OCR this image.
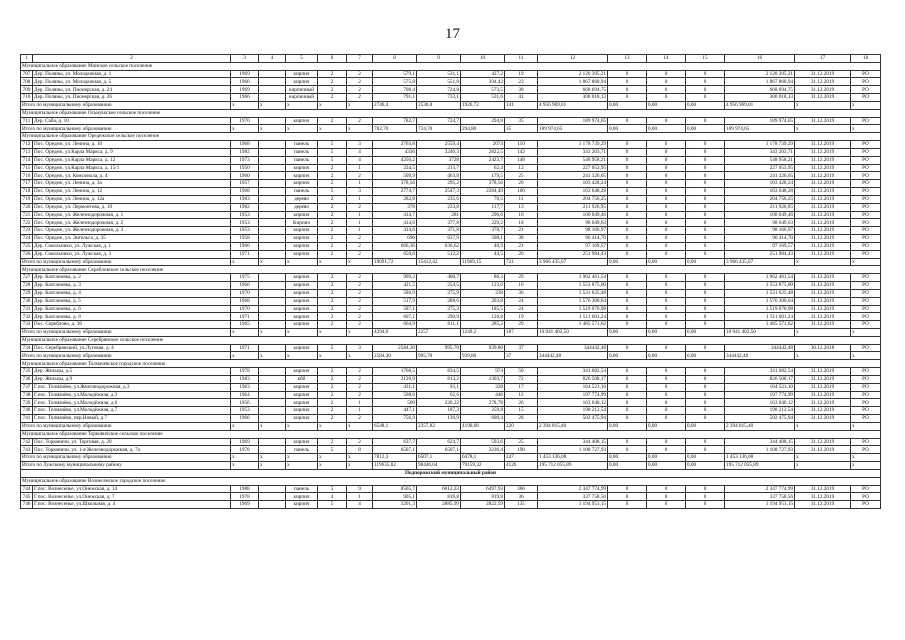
17
1	2	3	4	5	6	7	8	9	10	11	12	13	14	15	16	17	18
Муниципальное образование Минское сельское поселение																	
707	Дер. Поляны, ул. Молодежная, д. 1	1969		кирпич	2	2	579,1	531,1	427,2	19	2 120 395,21	0	0	0	2 120 395,21	31.12.2019	РО
708	Дер. Поляны, ул. Молодежная, д. 5	1966		кирпич	2	2	575,8	551,8	394,42	23	1 867 860,94	0	0	0	1 867 860,94	31.12.2019	РО
709	Дер. Поляны, ул. Пионерская, д. 24	1969		кирпичный	2	2	708,4	724,8	573,5	38	668 694,75	0	0	0	668 694,75	31.12.2019	РО
710	Дер. Поляны, ул. Пионерская, д. 26	1966		кирпичный	2	2	791,1	733,1	531,6	41	300 018,13	0	0	0	300 018,13	31.12.2019	РО
Итого по муниципальному образованию		x	x	x	x	x	2746,4	2530,8	1926,72	141	4 956 969,01	0,00	0,00	0,00	4 956 969,01	x	x
Муниципальное образование Осьмушское сельское поселение																	
711	Дер. Саба, д. 10	1970		кирпич	2	2	782,7	724,7	294,8	35	189 974,65	0	0	0	189 974,65	31.12.2019	РО
Итого по муниципальному образованию		x	x	x	x	x	782,70	724,70	294,80	35	189 974,65	0,00	0,00	0,00	189 974,65	x	x
Муниципальное образование Оредежское сельское поселение																	
712	Пос. Оредеж, ул. Ленина, д. 10	1968		панель	5	3	2763,8	2559,4	2074	110	1 178 739,29	0	0	0	1 178 739,29	31.12.2019	РО
713	Пос. Оредеж, ул.Карла Маркса, д. 9	1982		панель	5	4	4336	3240,3	2822,5	142	343 203,71	0	0	0	343 203,71	31.12.2019	РО
714	Пос. Оредеж, ул.Карла Маркса, д. 12	1973		панель	5	4	4250,2	3728	2423,7	148	548 958,21	0	0	0	548 958,21	31.12.2019	РО
715	Пос. Оредеж, ул.Карла Маркса, д. 15/1	1950		кирпич	2	1	234,5	213,7	62,4	12	227 053,95	0	0	0	227 053,95	31.12.2019	РО
716	Пос. Оредеж, ул. Комсомола, д. 4	1960		кирпич	2	2	509,9	463,8	179,5	25	241 326,65	0	0	0	241 326,65	31.12.2019	РО
717	Пос. Оредеж, ул. Ленина, д. 3а	1957		кирпич	2	1	378,56	295,2	378,56	20	103 428,24	0	0	0	103 428,24	31.12.2019	РО
718	Пос. Оредеж, ул. Ленина, д. 12	1968		панель	5	3	2774,7	2547,3	2284,49	106	163 648,28	0	0	0	163 648,28	31.12.2019	РО
719	Пос. Оредеж, ул. Ленина, д. 12а	1983		дерево	2	1	282,8	235,6	70,5	11	204 756,25	0	0	0	204 756,25	31.12.2019	РО
720	Пос. Оредеж, ул. Лермонтова, д. 10	1982		дерево	2	2	378	233,8	117,7	13	211 926,95	0	0	0	211 926,95	31.12.2019	РО
721	Пос. Оредеж, ул. Железнодорожная, д. 1	1953		кирпич	2	1	414,7	281	290,6	16	100 049,46	0	0	0	100 049,46	31.12.2019	РО
722	Пос. Оредеж, ул. Железнодорожная, д. 2	1953		Кирпич	2	1	414,6	377,8	229,2	18	98 649,63	0	0	0	98 649,63	31.12.2019	РО
723	Пос. Оредеж, ул. Железнодорожная, д. 3	1953		кирпич	2	1	414,6	371,8	370,7	21	98 166,97	0	0	0	98 166,97	31.12.2019	РО
724	Пос. Оредеж, ул. Энгельса, д. 35	1958		кирпич	2	2	696	637,9	508,1	38	96 414,70	0	0	0	96 414,70	31.12.2019	РО
725	Дер. Сокольники, ул. Лужская, д. 1	1966		кирпич	2	2	666,36	636,62	40,9	21	97 169,57	0	0	0	97 169,57	31.12.2019	РО
726	Дер. Сокольники, ул. Лужская, д. 3	1971		кирпич	2	2	650,6	512,2	44,5	20	251 984,43	0	0	0	251 984,43	31.12.2019	РО
Итого по муниципальному образованию		x	x	x	x	x	19091,72	15412,42	11969,15	721	3 966 435,07	0,00	0,00	0,00	3 966 435,07	x	x
Муниципальное образование Скребловское сельское поселение																	
727	Дер. Калгановка, д. 2	1975		кирпич	2	2	909,2	460,7	86,3	29	1 962 461,54	0	0	0	1 962 461,54	31.12.2019	РО
728	Дер. Калгановка, д. 3	1966		кирпич	2	2	421,5	254,5	123,6	16	1 553 875,00	0	0	0	1 553 875,00	31.12.2019	РО
729	Дер. Калгановка, д. 4	1970		кирпич	2	2	586,9	275,9	238	36	1 531 625,48	0	0	0	1 531 625,48	31.12.2019	РО
730	Дер. Калгановка, д. 5	1968		кирпич	2	2	517,9	288,6	203,8	24	1 576 300,64	0	0	0	1 576 300,64	31.12.2019	РО
731	Дер. Калгановка, д. 6	1970		кирпич	2	2	587,1	275,3	185,5	24	1 519 070,98	0	0	0	1 519 070,98	31.12.2019	РО
732	Дер. Калгановка, д. 8	1971		кирпич	2	2	607,1	290,9	126,8	19	1 511 601,24	0	0	0	1 511 601,24	31.12.2019	РО
733	Пос. Скреблово, д. 36	1965		кирпич	2	2	664,9	611,1	285,2	29	1 485 571,62	0	0	0	1 485 571,62	31.12.2019	РО
Итого по муниципальному образованию		x	x	x	x	x	4294,6	2257	1249,2	187	10 941 402,50	0,00	0,00	0,00	10 941 402,50	x	x
Муниципальное образование Серебрянское сельское поселение																	
734	Пос. Серебрянский, ул.Луговая, д. 4	1971		кирпич	5	3	2584,30	995,70	939,80	37	344442,48	0	0	0	344442,48	30.12.2018	РО
Итого по муниципальному образованию		x	x	x	x	x	2584,30	995,70	939,80	37	344442,48	0,00	0,00	0,00	344442,48	x	x
Муниципальное образование Толмачевское городское поселение																	
735	Дер. Жельцы, д.5	1978		кирпич	2	2	1768,5	834,5	974	50	341 682,54	0	0	0	341 682,54	31.12.2019	РО
736	Дер. Жельцы, д.9	1983		кбб	2	2	2126,9	813,2	1303,7	72	826 508,17	0	0	0	826 508,17	31.12.2019	РО
737	Г.пос. Толмачёво, ул.Железнодорожная, д.3	1963		кирпич	2	2	431,1	93,1	328	17	164 521,10	0	0	0	164 521,10	31.12.2019	РО
738	Г.пос. Толмачёво, ул.Молодёжная, д.3	1964		кирпич	2	2	508,6	62,6	446	12	197 774,99	0	0	0	197 774,99	31.12.2019	РО
739	Г.пос. Толмачёво, ул.Молодёжная, д.6	1956		кирпич	2	1	509	230,22	278,78	26	163 640,12	0	0	0	163 640,12	31.12.2019	РО
740	Г.пос. Толмачёво, ул.Молодёжная, д.7	1953		кирпич	2	1	447,1	187,3	259,8	15	198 212,54	0	0	0	198 212,54	31.12.2019	РО
741	Г.пос. Толмачёво, пер.Новый, д.7	1966		кирпич	2	2	756,9	136,9	600,4	28	502 475,94	0	0	0	502 475,94	31.12.2019	РО
Итого по муниципальному образованию		x	x	x	x	x	6548,1	2357,82	4190,68	220	2 394 815,40	0,00	0,00	0,00	2 394 815,40	x	x
Муниципальное образование Торковичское сельское поселение																	
742	Пос. Торковичи, ул. Торговая, д. 20	1969		кирпич	2	2	637,7	624,7	593,6	25	344 408,15	0	0	0	344 408,15	31.12.2019	РО
743	Пос. Торковичи, ул. 1-я Железнодорожная, д. 7а	1978		панель	5	8	6507,1	6507,1	3236,4	198	1 108 727,93	0	0	0	1 108 727,93	31.12.2019	РО
Итого по муниципальному образованию		x	x	x	x	x	7812,3	6507,1	6478,1	247	1 453 136,08	0,00	0,00	0,00	1 453 136,08	x	x
Итого по Лужскому муниципальному району		x	x	x	x	x	119635,82	98446,64	79159,32	4126	195 712 055,89	0,00	0,00	0,00	195 712 055,89	x	x
Подпорожский муниципальный район																	
Муниципальное образование Вознесенское городское поселение																	
744	Г.пос. Вознесенье, ул.Онежская, д. 14	1988		панель	5	9	8505,7	6612,23	6497,93	366	2 347 774,99	0	0	0	2 347 774,99	31.12.2019	РО
745	Г.пос. Вознесенье, ул.Онежская, д. 7	1978		кирпич	4	1	905,1	819,8	819,8	36	337 758,56	0	0	0	337 758,56	31.12.2019	РО
746	Г.пос. Вознесенье, ул.Школьная, д. 4	1969		кирпич	5	4	3201,3	2885,99	2822,59	135	1 194 951,15	0	0	0	1 194 951,15	31.12.2019	РО
